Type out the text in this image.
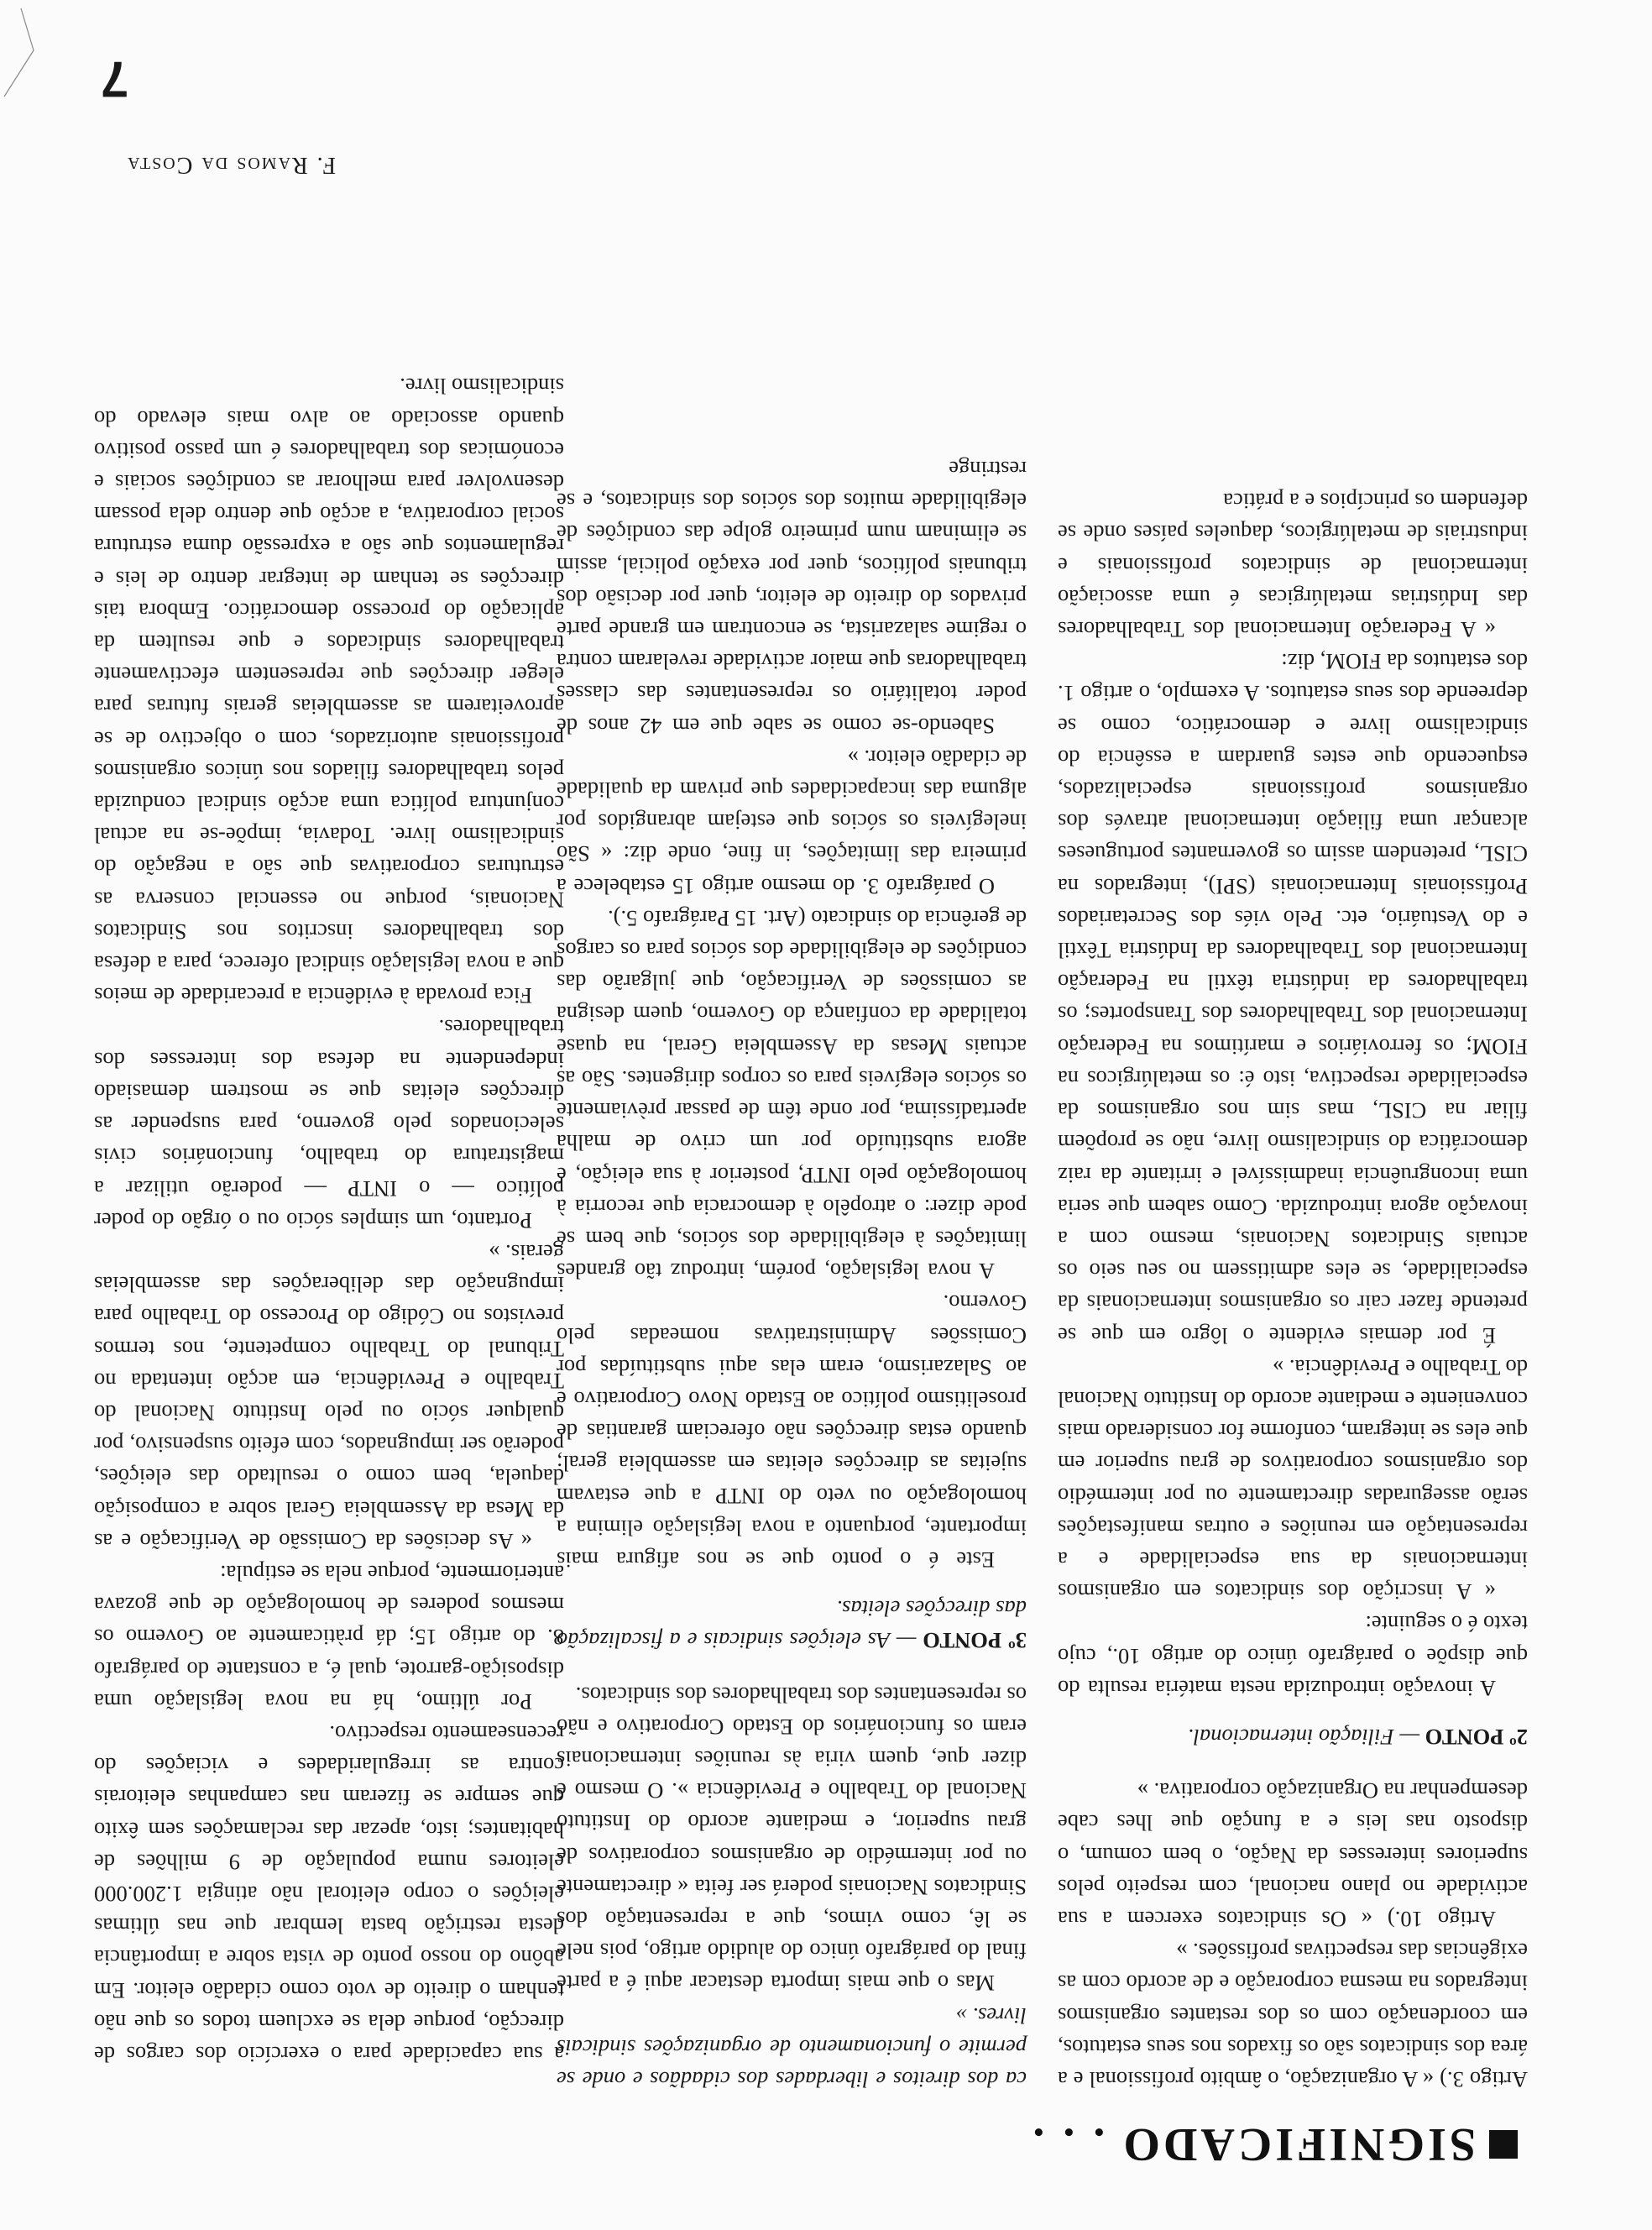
SIGNIFICADO . . .

Artigo 3.) « A organização, o âmbito profissional e a área dos sindicatos são os fixados nos seus estatutos, em coordenação com os dos restantes organismos integrados na mesma corporação e de acordo com as exigências das respectivas profissões. »

Artigo 10.) « Os sindicatos exercem a sua actividade no plano nacional, com respeito pelos superiores interesses da Nação, o bem comum, o disposto nas leis e a função que lhes cabe desempenhar na Organização corporativa. »

2º PONTO — Filiação internacional.

A inovação introduzida nesta matéria resulta do que dispõe o parágrafo único do artigo 10., cujo texto é o seguinte:

« A inscrição dos sindicatos em organismos internacionais da sua especialidade e a representação em reuniões e outras manifestações serão asseguradas directamente ou por intermédio dos organismos corporativos de grau superior em que eles se integram, conforme for considerado mais conveniente e mediante acordo do Instituto Nacional do Trabalho e Previdência. »

É por demais evidente o lôgro em que se pretende fazer cair os organismos internacionais da especialidade, se eles admitissem no seu seio os actuais Sindicatos Nacionais, mesmo com a inovação agora introduzida. Como sabem que seria uma incongruência inadmissível e irritante da raiz democrática do sindicalismo livre, não se propõem filiar na CISL, mas sim nos organismos da especialidade respectiva, isto é: os metalúrgicos na FIOM; os ferroviários e marítimos na Federação Internacional dos Trabalhadores dos Transportes; os trabalhadores da indústria têxtil na Federação Internacional dos Trabalhadores da Indústria Têxtil e do Vestuário, etc. Pelo viés dos Secretariados Profissionais Internacionais (SPI), integrados na CISL, pretendem assim os governantes portugueses alcançar uma filiação internacional através dos organismos profissionais especializados, esquecendo que estes guardam a essência do sindicalismo livre e democrático, como se depreende dos seus estatutos. A exemplo, o artigo 1. dos estatutos da FIOM, diz:

« A Federação Internacional dos Trabalhadores das Indústrias metalúrgicas é uma associação internacional de sindicatos profissionais e industriais de metalúrgicos, daqueles países onde se defendem os princípios e a prática

ca dos direitos e liberdades dos cidadãos e onde se permite o funcionamento de organizações sindicais livres. »

Mas o que mais importa destacar aqui é a parte final do parágrafo único do aludido artigo, pois nele se lê, como vimos, que a representação dos Sindicatos Nacionais poderá ser feita « directamente ou por intermédio de organismos corporativos de grau superior, e mediante acordo do Instituto Nacional do Trabalho e Previdência ». O mesmo é dizer que, quem viria às reuniões internacionais eram os funcionários do Estado Corporativo e não os representantes dos trabalhadores dos sindicatos.

3º PONTO — As eleições sindicais e a fiscalização das direcções eleitas.

Este é o ponto que se nos afigura mais importante, porquanto a nova legislação elimina a homologação ou veto do INTP a que estavam sujeitas as direcções eleitas em assembleia geral; quando estas direcções não ofereciam garantias de proselitismo político ao Estado Novo Corporativo e ao Salazarismo, eram elas aqui substituídas por Comissões Administrativas nomeadas pelo Governo.

A nova legislação, porém, introduz tão grandes limitações à elegibilidade dos sócios, que bem se pode dizer: o atropêlo à democracia que recorria à homologação pelo INTP, posterior à sua eleição, é agora substituído por um crivo de malha apertadíssima, por onde têm de passar prèviamente os sócios elegíveis para os corpos dirigentes. São as actuais Mesas da Assembleia Geral, na quase totalidade da confiança do Governo, quem designa as comissões de Verificação, que julgarão das condições de elegibilidade dos sócios para os cargos de gerência do sindicato (Art. 15 Parágrafo 5.).

O parágrafo 3. do mesmo artigo 15 estabelece a primeira das limitações, in fine, onde diz: « São inelegíveis os sócios que estejam abrangidos por alguma das incapacidades que privam da qualidade de cidadão eleitor. »

Sabendo-se como se sabe que em 42 anos de poder totalitário os representantes das classes trabalhadoras que maior actividade revelaram contra o regime salazarista, se encontram em grande parte privados do direito de eleitor, quer por decisão dos tribunais políticos, quer por exação policial, assim se eliminam num primeiro golpe das condições de elegibilidade muitos dos sócios dos sindicatos, e se restringe

a sua capacidade para o exercício dos cargos de direcção, porque dela se excluem todos os que não tenham o direito de voto como cidadão eleitor. Em abôno do nosso ponto de vista sobre a importância desta restrição basta lembrar que nas últimas eleições o corpo eleitoral não atingia 1.200.000 eleitores numa população de 9 milhões de habitantes; isto, apezar das reclamações sem êxito que sempre se fizeram nas campanhas eleitorais contra as irregularidades e viciações do recenseamento respectivo.

Por último, há na nova legislação uma disposição-garrote, qual é, a constante do parágrafo 8. do artigo 15; dá pràticamente ao Governo os mesmos poderes de homologação de que gozava anteriormente, porque nela se estipula:

« As decisões da Comissão de Verificação e as da Mesa da Assembleia Geral sobre a composição daquela, bem como o resultado das eleições, poderão ser impugnados, com efeito suspensivo, por qualquer sócio ou pelo Instituto Nacional do Trabalho e Previdência, em acção intentada no Tribunal do Trabalho competente, nos termos previstos no Código do Processo do Trabalho para impugnação das deliberações das assembleias gerais. »

Portanto, um simples sócio ou o órgão do poder político — o INTP — poderão utilizar a magistratura do trabalho, funcionários civis selecionados pelo governo, para suspender as direcções eleitas que se mostrem demasiado independente na defesa dos interesses dos trabalhadores.

Fica provada à evidência a precaridade de meios que a nova legislação sindical oferece, para a defesa dos trabalhadores inscritos nos Sindicatos Nacionais, porque no essencial conserva as estruturas corporativas que são a negação do sindicalismo livre. Todavia, impõe-se na actual conjuntura política uma acção sindical conduzida pelos trabalhadores filiados nos únicos organismos profissionais autorizados, com o objectivo de se aproveitarem as assembleias gerais futuras para eleger direcções que representem efectivamente trabalhadores sindicados e que resultem da aplicação do processo democrático. Embora tais direcções se tenham de integrar dentro de leis e regulamentos que são a expressão duma estrutura social corporativa, a acção que dentro dela possam desenvolver para melhorar as condições sociais e económicas dos trabalhadores é um passo positivo quando associado ao alvo mais elevado do sindicalismo livre.

F. Ramos da Costa
7
